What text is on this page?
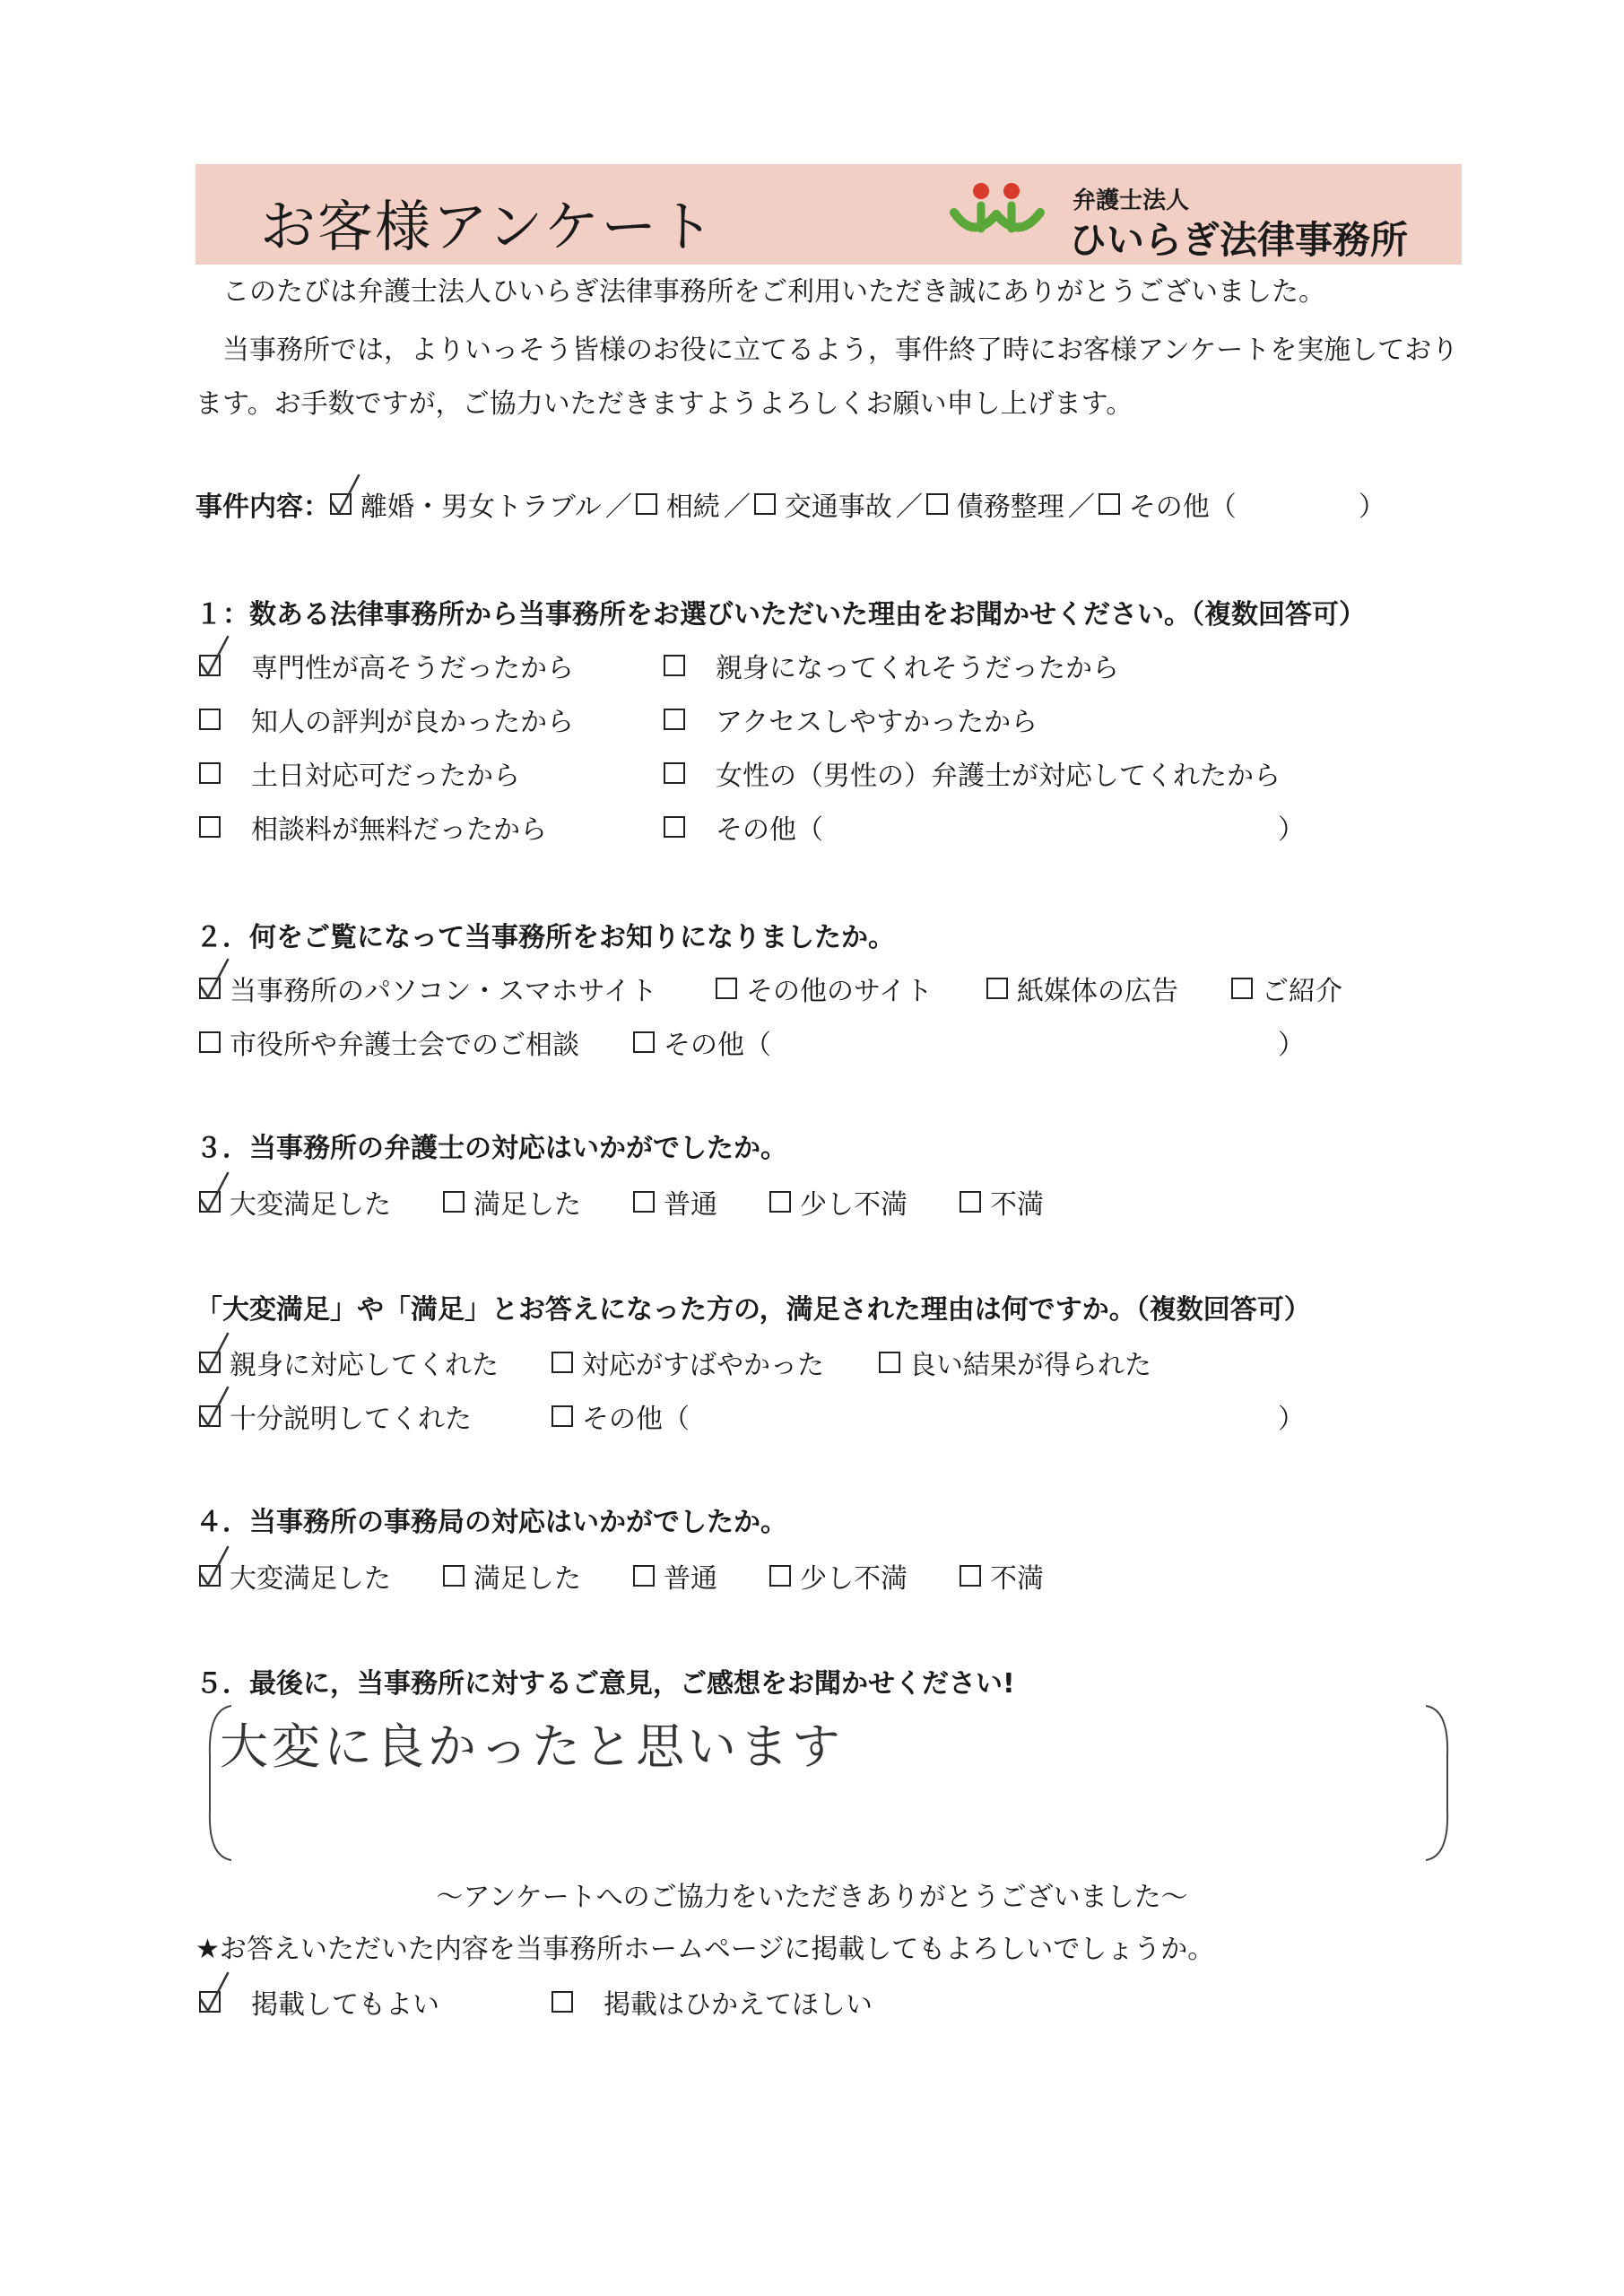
お客様アンケート	弁護士法人
ひいらぎ法律事務所
このたびは弁護士法人ひいらぎ法律事務所をご利用いただき誠にありがとうございました。
当事務所では，よりいっそう皆様のお役に立てるよう，事件終了時にお客様アンケートを実施しており
ます。お手数ですが，ご協力いただきますようよろしくお願い申し上げます。
事件内容： 離婚・男女トラブル ／ 相続 ／ 交通事故 ／ 債務整理 ／ その他（	）
１：数ある法律事務所から当事務所をお選びいただいた理由をお聞かせください。（複数回答可）
専門性が高そうだったから	親身になってくれそうだったから
知人の評判が良かったから	アクセスしやすかったから
土日対応可だったから	女性の（男性の）弁護士が対応してくれたから
相談料が無料だったから	その他（	）
２．何をご覧になって当事務所をお知りになりましたか。
当事務所のパソコン・スマホサイト	その他のサイト	紙媒体の広告	ご紹介
市役所や弁護士会でのご相談	その他（	）
３．当事務所の弁護士の対応はいかがでしたか。
大変満足した	満足した	普通	少し不満	不満
「大変満足」や「満足」とお答えになった方の，満足された理由は何ですか。（複数回答可）
親身に対応してくれた	対応がすばやかった	良い結果が得られた
十分説明してくれた	その他（	）
４．当事務所の事務局の対応はいかがでしたか。
大変満足した	満足した	普通	少し不満	不満
５．最後に，当事務所に対するご意見，ご感想をお聞かせください!
大変に良かったと思います
～アンケートへのご協力をいただきありがとうございました～
★お答えいただいた内容を当事務所ホームページに掲載してもよろしいでしょうか。
掲載してもよい	掲載はひかえてほしい
